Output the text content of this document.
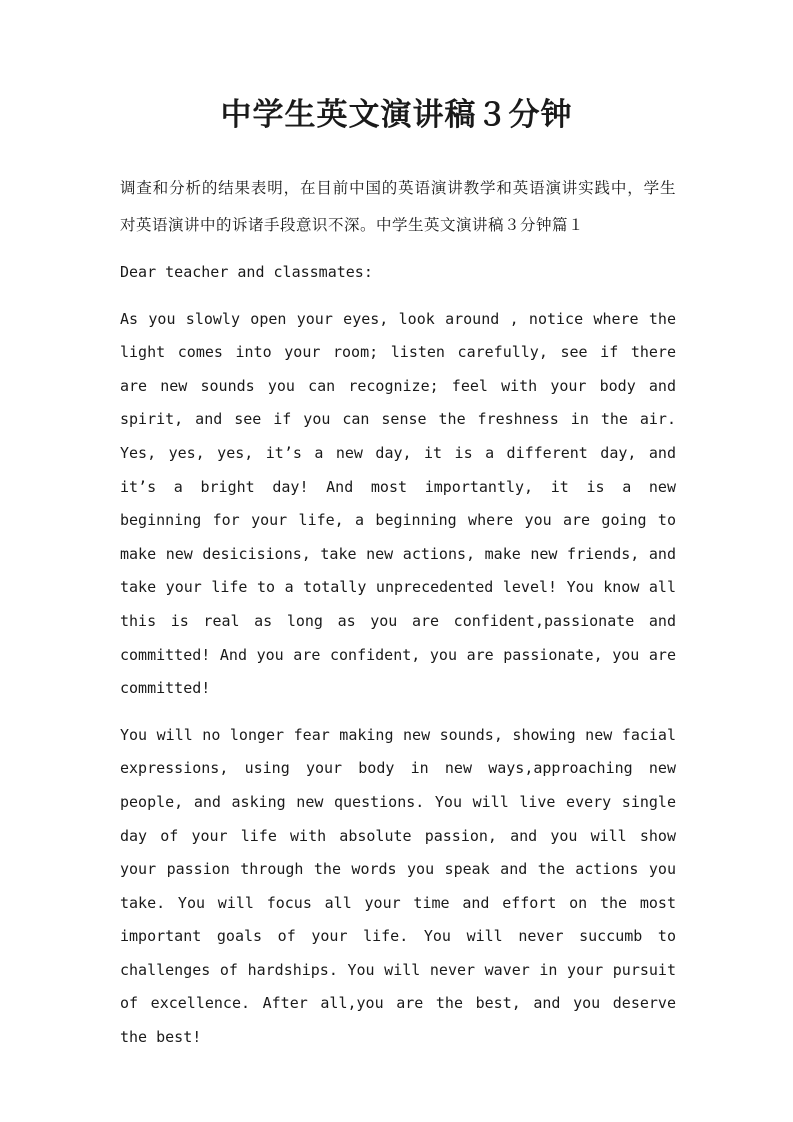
中学生英文演讲稿３分钟

调查和分析的结果表明，在目前中国的英语演讲教学和英语演讲实践中，学生对英语演讲中的诉诸手段意识不深。中学生英文演讲稿３分钟篇１

Dear teacher and classmates:

As you slowly open your eyes, look around , notice where the light comes into your room; listen carefully, see if there are new sounds you can recognize; feel with your body and spirit, and see if you can sense the freshness in the air. Yes, yes, yes, it’s a new day, it is a different day, and it’s a bright day! And most importantly, it is a new beginning for your life, a beginning where you are going to make new desicisions, take new actions, make new friends, and take your life to a totally unprecedented level! You know all this is real as long as you are confident,passionate and committed! And you are confident, you are passionate, you are committed!

You will no longer fear making new sounds, showing new facial expressions, using your body in new ways,approaching new people, and asking new questions. You will live every single day of your life with absolute passion, and you will show your passion through the words you speak and the actions you take. You will focus all your time and effort on the most important goals of your life. You will never succumb to challenges of hardships. You will never waver in your pursuit of excellence. After all,you are the best, and you deserve the best!
